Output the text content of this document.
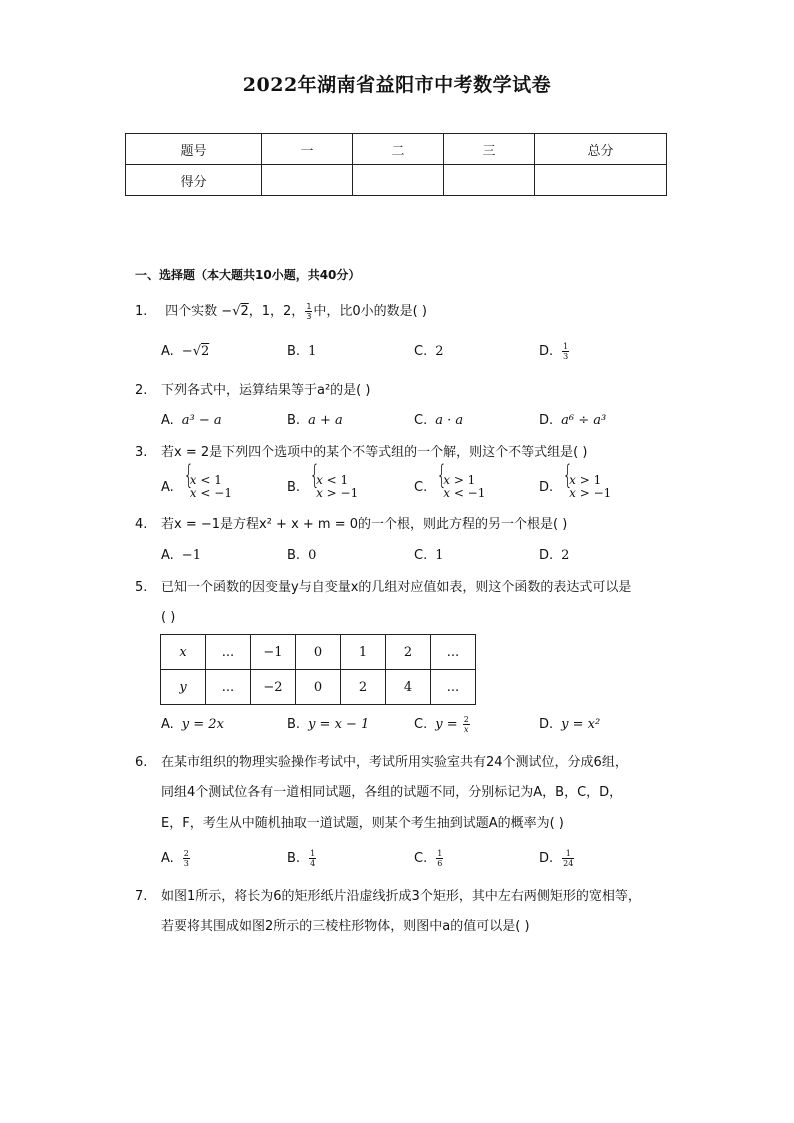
2022年湖南省益阳市中考数学试卷
题号	一	二	三	总分
得分				
一、选择题（本大题共10小题，共40分）
1. 四个实数 −√2，1，2， $\frac{1}{3}$ 中，比0小的数是( )
A. −√2	B. 1	C. 2	D. $\frac{1}{3}$
2. 下列各式中，运算结果等于a²的是( )
A. a³ − a	B. a + a	C. a · a	D. a⁶ ÷ a³
3. 若x = 2是下列四个选项中的某个不等式组的一个解，则这个不等式组是( )
A. { x < 1
x < −1	B. { x < 1
x > −1	C. { x > 1
x < −1	D. { x > 1
x > −1
4. 若x = −1是方程x² + x + m = 0的一个根，则此方程的另一个根是( )
A. −1	B. 0	C. 1	D. 2
5. 已知一个函数的因变量y与自变量x的几组对应值如表，则这个函数的表达式可以是
( )
x	...	−1	0	1	2	...
y	...	−2	0	2	4	...
A. y = 2x	B. y = x − 1	C. $y = \frac{2}{x}$	D. y = x²
6. 在某市组织的物理实验操作考试中，考试所用实验室共有24个测试位，分成6组，
同组4个测试位各有一道相同试题，各组的试题不同，分别标记为A，B，C，D，
E，F，考生从中随机抽取一道试题，则某个考生抽到试题A的概率为( )
A. $\frac{2}{3}$	B. $\frac{1}{4}$	C. $\frac{1}{6}$	D. $\frac{1}{24}$
7. 如图1所示，将长为6的矩形纸片沿虚线折成3个矩形，其中左右两侧矩形的宽相等，
若要将其围成如图2所示的三棱柱形物体，则图中a的值可以是( )
